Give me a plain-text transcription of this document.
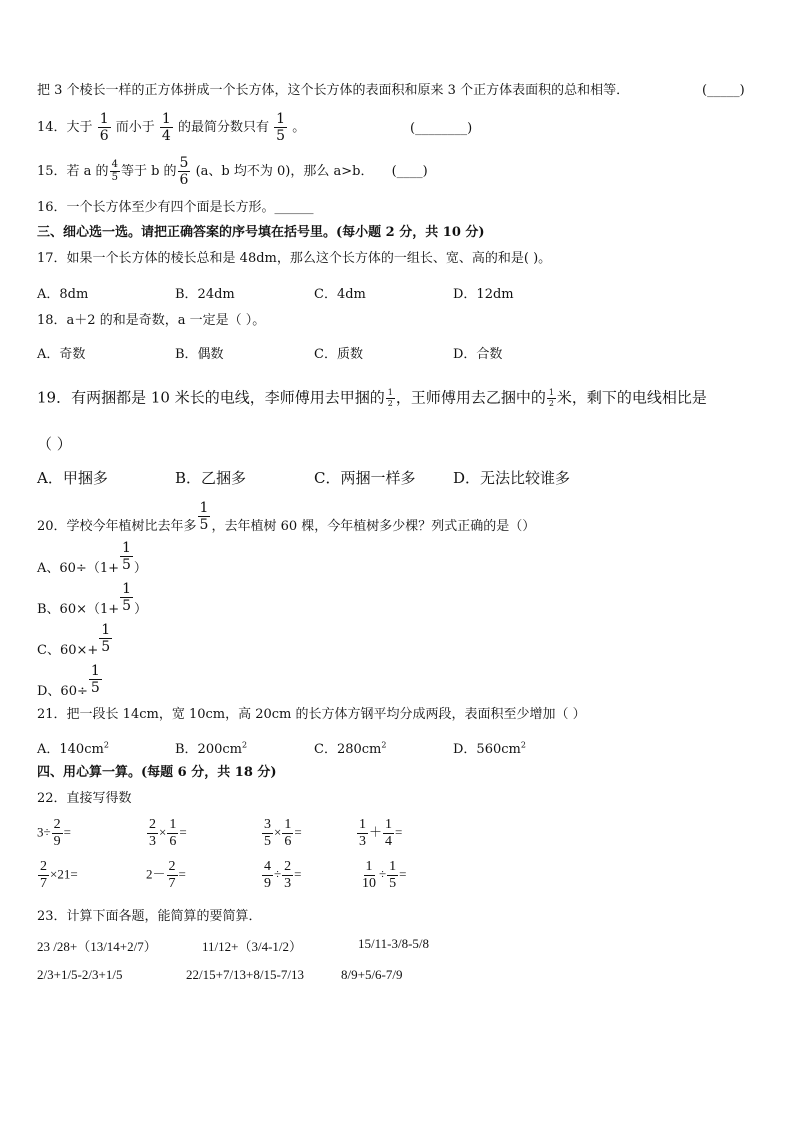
把 3 个棱长一样的正方体拼成一个长方体，这个长方体的表面积和原来 3 个正方体表面积的总和相等．	(_____)
14．大于 $\frac{1}{6}$ 而小于 $\frac{1}{4}$ 的最简分数只有 $\frac{1}{5}$ 。	(________)
15．若 a 的 $\frac{4}{5}$ 等于 b 的 $\frac{5}{6} (a$、b 均不为 0)，那么 a>b． (____)
16．一个长方体至少有四个面是长方形。______
三、细心选一选。请把正确答案的序号填在括号里。(每小题 2 分，共 10 分)
17．如果一个长方体的棱长总和是 48dm，那么这个长方体的一组长、宽、高的和是( )。
A．8dm	B．24dm	C．4dm	D．12dm
18．a＋2 的和是奇数，a 一定是（ ）。
A．奇数	B．偶数	C．质数	D．合数
19．有两捆都是 10 米长的电线，李师傅用去甲捆的 $\frac{1}{2}$ ，王师傅用去乙捆中的 $\frac{1}{2}$ 米，剩下的电线相比是
（ ）
A．甲捆多	B．乙捆多	C．两捆一样多	D．无法比较谁多
20．学校今年植树比去年多 $\frac{1}{5}$ ，去年植树 60 棵，今年植树多少棵？列式正确的是（）
A、$60\div(1+ \frac{1}{5}$ ）
B、$60\times(1+ \frac{1}{5}$ ）
C、$60\times+ \frac{1}{5}$
D、$60\div \frac{1}{5}$
21．把一段长 14cm，宽 10cm，高 20cm 的长方体方钢平均分成两段，表面积至少增加（ ）
A．$140cm^2$	B．$200cm^2$	C．$280cm^2$	D．$560cm^2$
四、用心算一算。(每题 6 分，共 18 分)
22．直接写得数
$3\div \frac{2}{9}$ =	$\frac{2}{3} \times \frac{1}{6}$ =	$\frac{3}{5} \times \frac{1}{6}$ =	$\frac{1}{3} + \frac{1}{4}$ =
$\frac{2}{7} \times 21=$	$2- \frac{2}{7}$ =	$\frac{4}{9} \div \frac{2}{3}$ =	$\frac{1}{10} \div \frac{1}{5}$ =
23．计算下面各题，能简算的要简算．
23 /28+（13/14+2/7）	11/12+（3/4-1/2）	15/11-3/8-5/8
2/3+1/5-2/3+1/5	22/15+7/13+8/15-7/13	8/9+5/6-7/9
